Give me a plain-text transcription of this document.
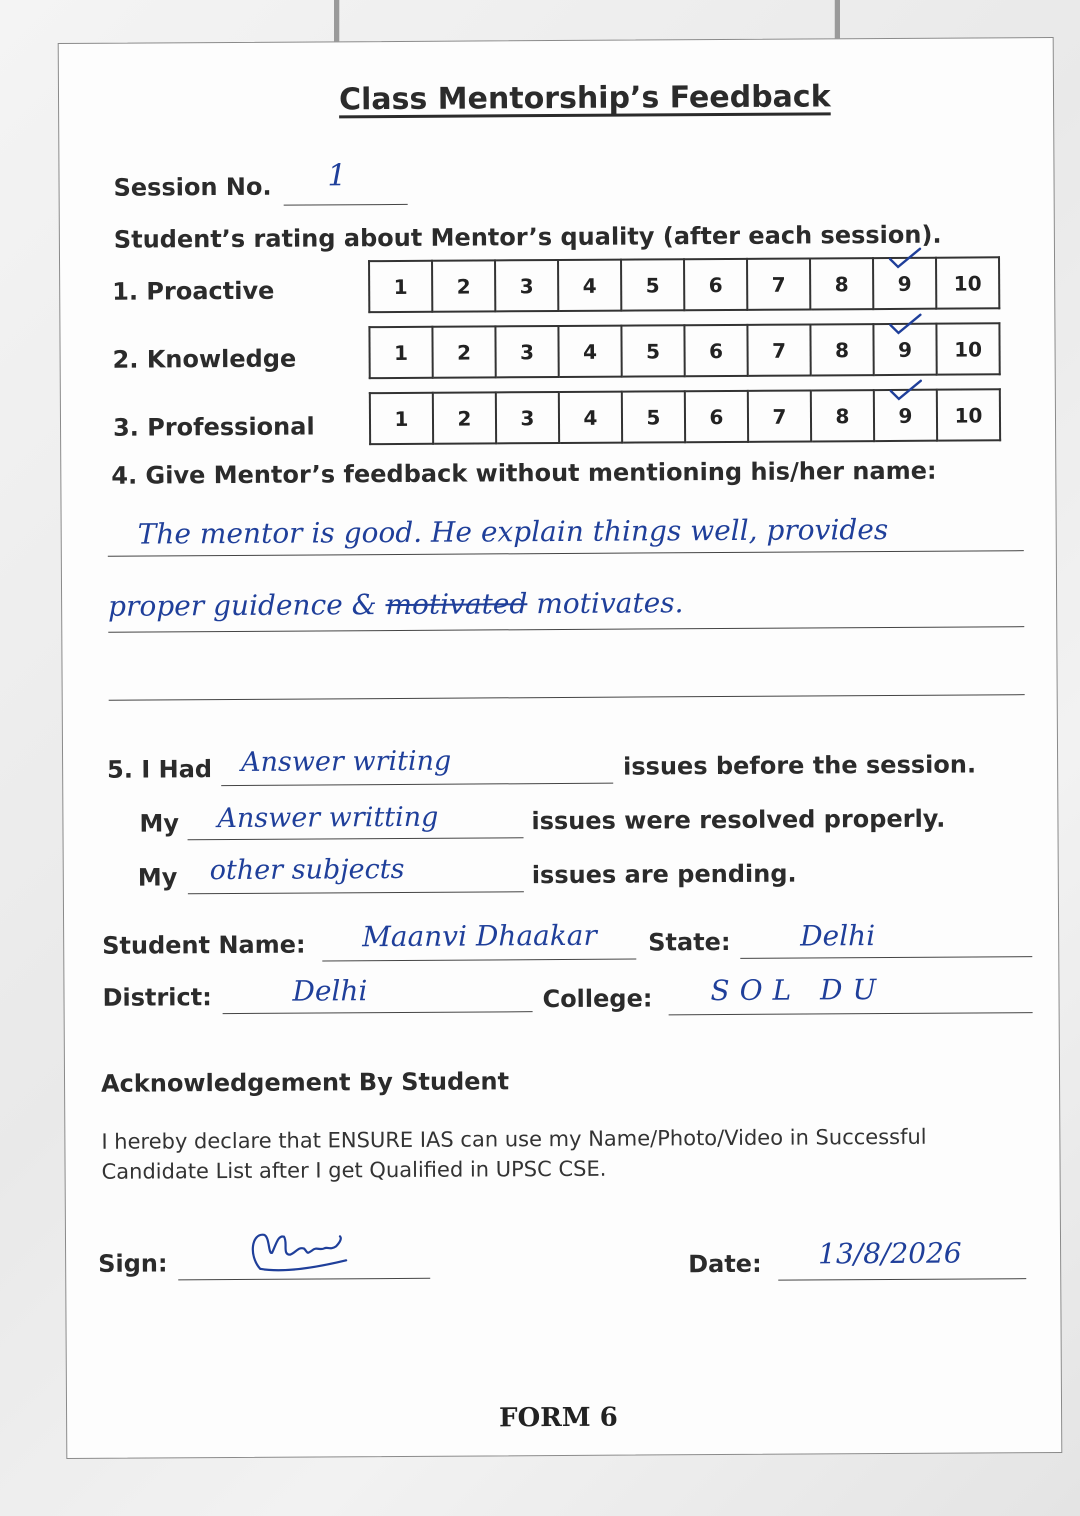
Class Mentorship’s Feedback
Session No. 1
Student’s rating about Mentor’s quality (after each session).
1. Proactive	1	2	3	4	5	6	7	8	9	10
2. Knowledge	1	2	3	4	5	6	7	8	9	10
3. Professional	1	2	3	4	5	6	7	8	9	10
4. Give Mentor’s feedback without mentioning his/her name:
The mentor is good. He explain things well, provides
proper guidence & motivated motivates.
5. I Had Answer writing	issues before the session.
My Answer writting	issues were resolved properly.
My other subjects	issues are pending.
Student Name: Maanvi Dhaakar State: Delhi
District:	Delhi	College: SOL DU
Acknowledgement By Student
I hereby declare that ENSURE IAS can use my Name/Photo/Video in Successful
Candidate List after I get Qualified in UPSC CSE.
Sign:	Date: 13/8/2026
FORM 6
